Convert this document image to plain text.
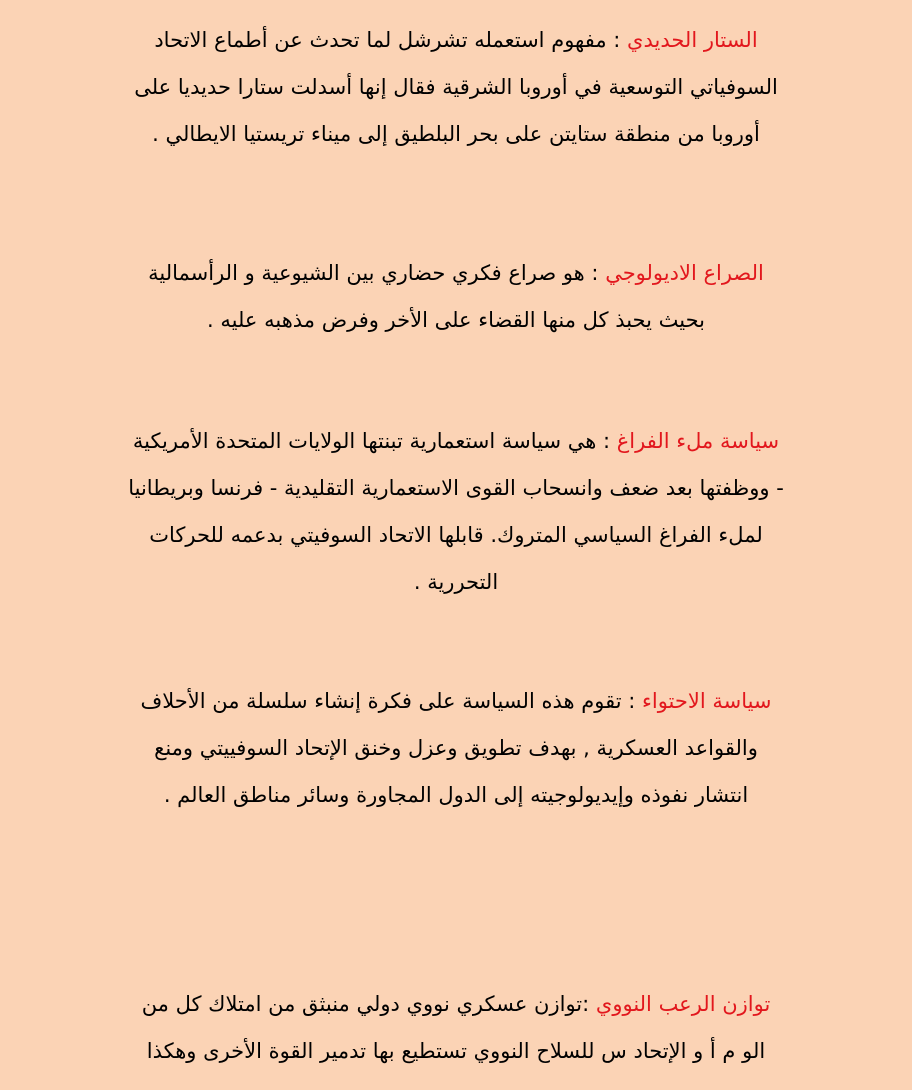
الستار الحديدي : مفهوم استعمله تشرشل لما تحدث عن أطماع الاتحاد
السوفياتي التوسعية في أوروبا الشرقية فقال إنها أسدلت ستارا حديديا على
أوروبا من منطقة ستايتن على بحر البلطيق إلى ميناء تريستيا الايطالي .
الصراع الاديولوجي : هو صراع فكري حضاري بين الشيوعية و الرأسمالية
بحيث يحبذ كل منها القضاء على الأخر وفرض مذهبه عليه .
سياسة ملء الفراغ : هي سياسة استعمارية تبنتها الولايات المتحدة الأمريكية
- ووظفتها بعد ضعف وانسحاب القوى الاستعمارية التقليدية - فرنسا وبريطانيا
لملء الفراغ السياسي المتروك. قابلها الاتحاد السوفيتي بدعمه للحركات
التحررية .
سياسة الاحتواء : تقوم هذه السياسة على فكرة إنشاء سلسلة من الأحلاف
والقواعد العسكرية , بهدف تطويق وعزل وخنق الإتحاد السوفييتي ومنع
انتشار نفوذه وإيديولوجيته إلى الدول المجاورة وسائر مناطق العالم .
توازن الرعب النووي :توازن عسكري نووي دولي منبثق من امتلاك كل من
الو م أ و الإتحاد س للسلاح النووي تستطيع بها تدمير القوة الأخرى وهكذا
